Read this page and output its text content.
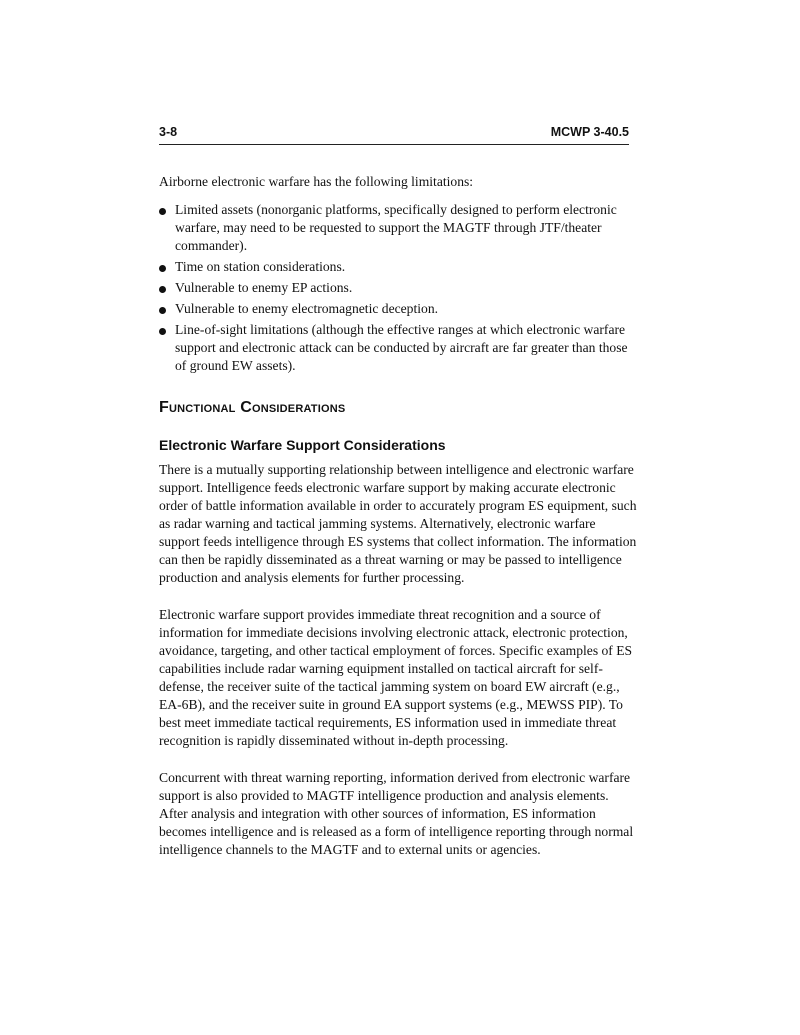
3-8	MCWP 3-40.5

Airborne electronic warfare has the following limitations:

Limited assets (nonorganic platforms, specifically designed to perform electronic warfare, may need to be requested to support the MAGTF through JTF/theater commander).
Time on station considerations.
Vulnerable to enemy EP actions.
Vulnerable to enemy electromagnetic deception.
Line-of-sight limitations (although the effective ranges at which electronic warfare support and electronic attack can be conducted by aircraft are far greater than those of ground EW assets).
Functional Considerations
Electronic Warfare Support Considerations

There is a mutually supporting relationship between intelligence and electronic warfare support. Intelligence feeds electronic warfare support by making accurate electronic order of battle information available in order to accurately program ES equipment, such as radar warning and tactical jamming systems. Alternatively, electronic warfare support feeds intelligence through ES systems that collect information. The information can then be rapidly disseminated as a threat warning or may be passed to intelligence production and analysis elements for further processing.

Electronic warfare support provides immediate threat recognition and a source of information for immediate decisions involving electronic attack, electronic protection, avoidance, targeting, and other tactical employment of forces. Specific examples of ES capabilities include radar warning equipment installed on tactical aircraft for self-defense, the receiver suite of the tactical jamming system on board EW aircraft (e.g., EA-6B), and the receiver suite in ground EA support systems (e.g., MEWSS PIP). To best meet immediate tactical requirements, ES information used in immediate threat recognition is rapidly disseminated without in-depth processing.

Concurrent with threat warning reporting, information derived from electronic warfare support is also provided to MAGTF intelligence production and analysis elements. After analysis and integration with other sources of information, ES information becomes intelligence and is released as a form of intelligence reporting through normal intelligence channels to the MAGTF and to external units or agencies.
